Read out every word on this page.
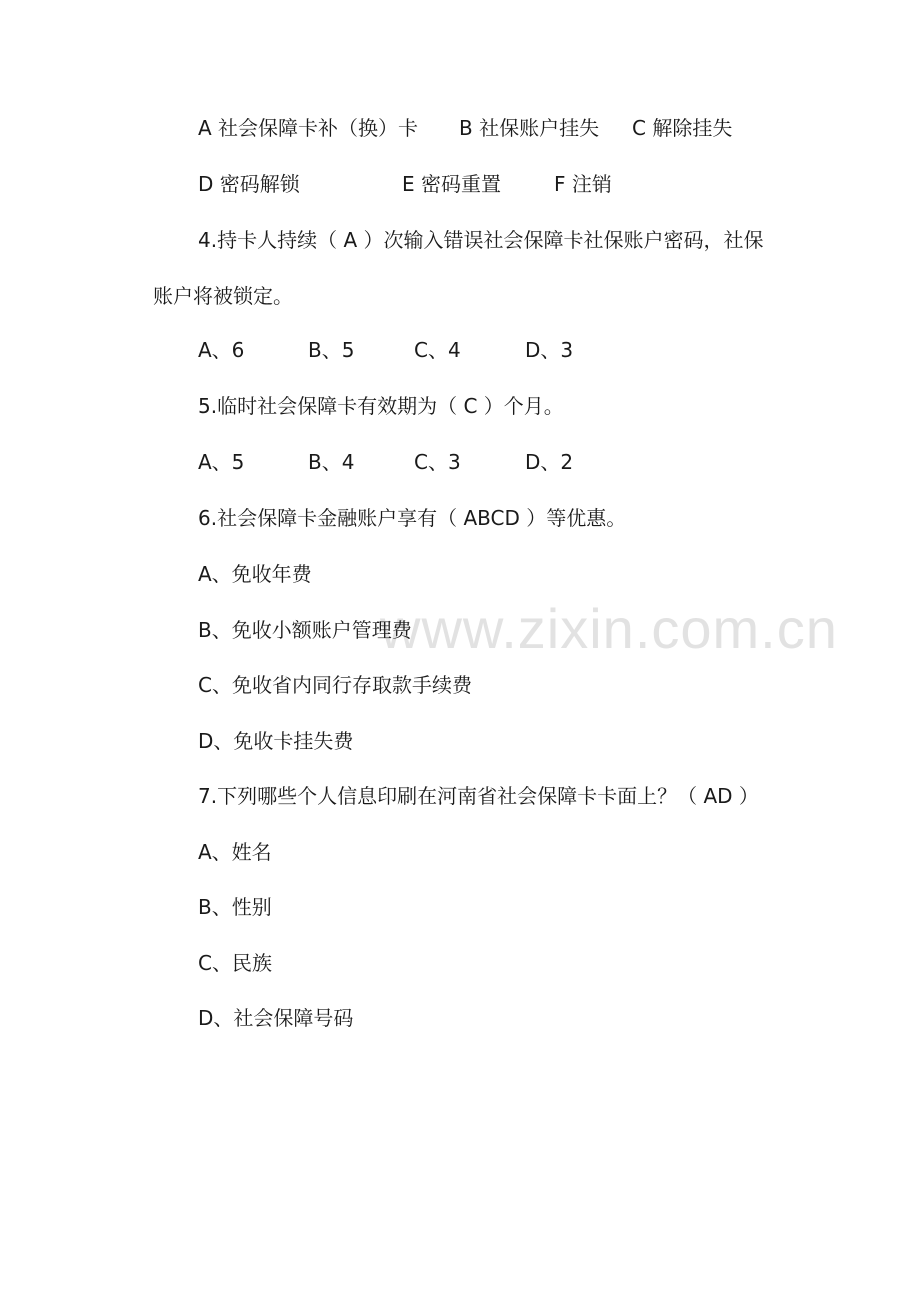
www.zixin.com.cn
A 社会保障卡补（换）卡 B 社保账户挂失 C 解除挂失
D 密码解锁	E 密码重置	F 注销
4.持卡人持续（ A ）次输入错误社会保障卡社保账户密码，社保
账户将被锁定。
A、6	B、5	C、4	D、3
5.临时社会保障卡有效期为（ C ）个月。
A、5	B、4	C、3	D、2
6.社会保障卡金融账户享有（ ABCD ）等优惠。
A、免收年费
B、免收小额账户管理费
C、免收省内同行存取款手续费
D、免收卡挂失费
7.下列哪些个人信息印刷在河南省社会保障卡卡面上？（ AD ）
A、姓名
B、性别
C、民族
D、社会保障号码
